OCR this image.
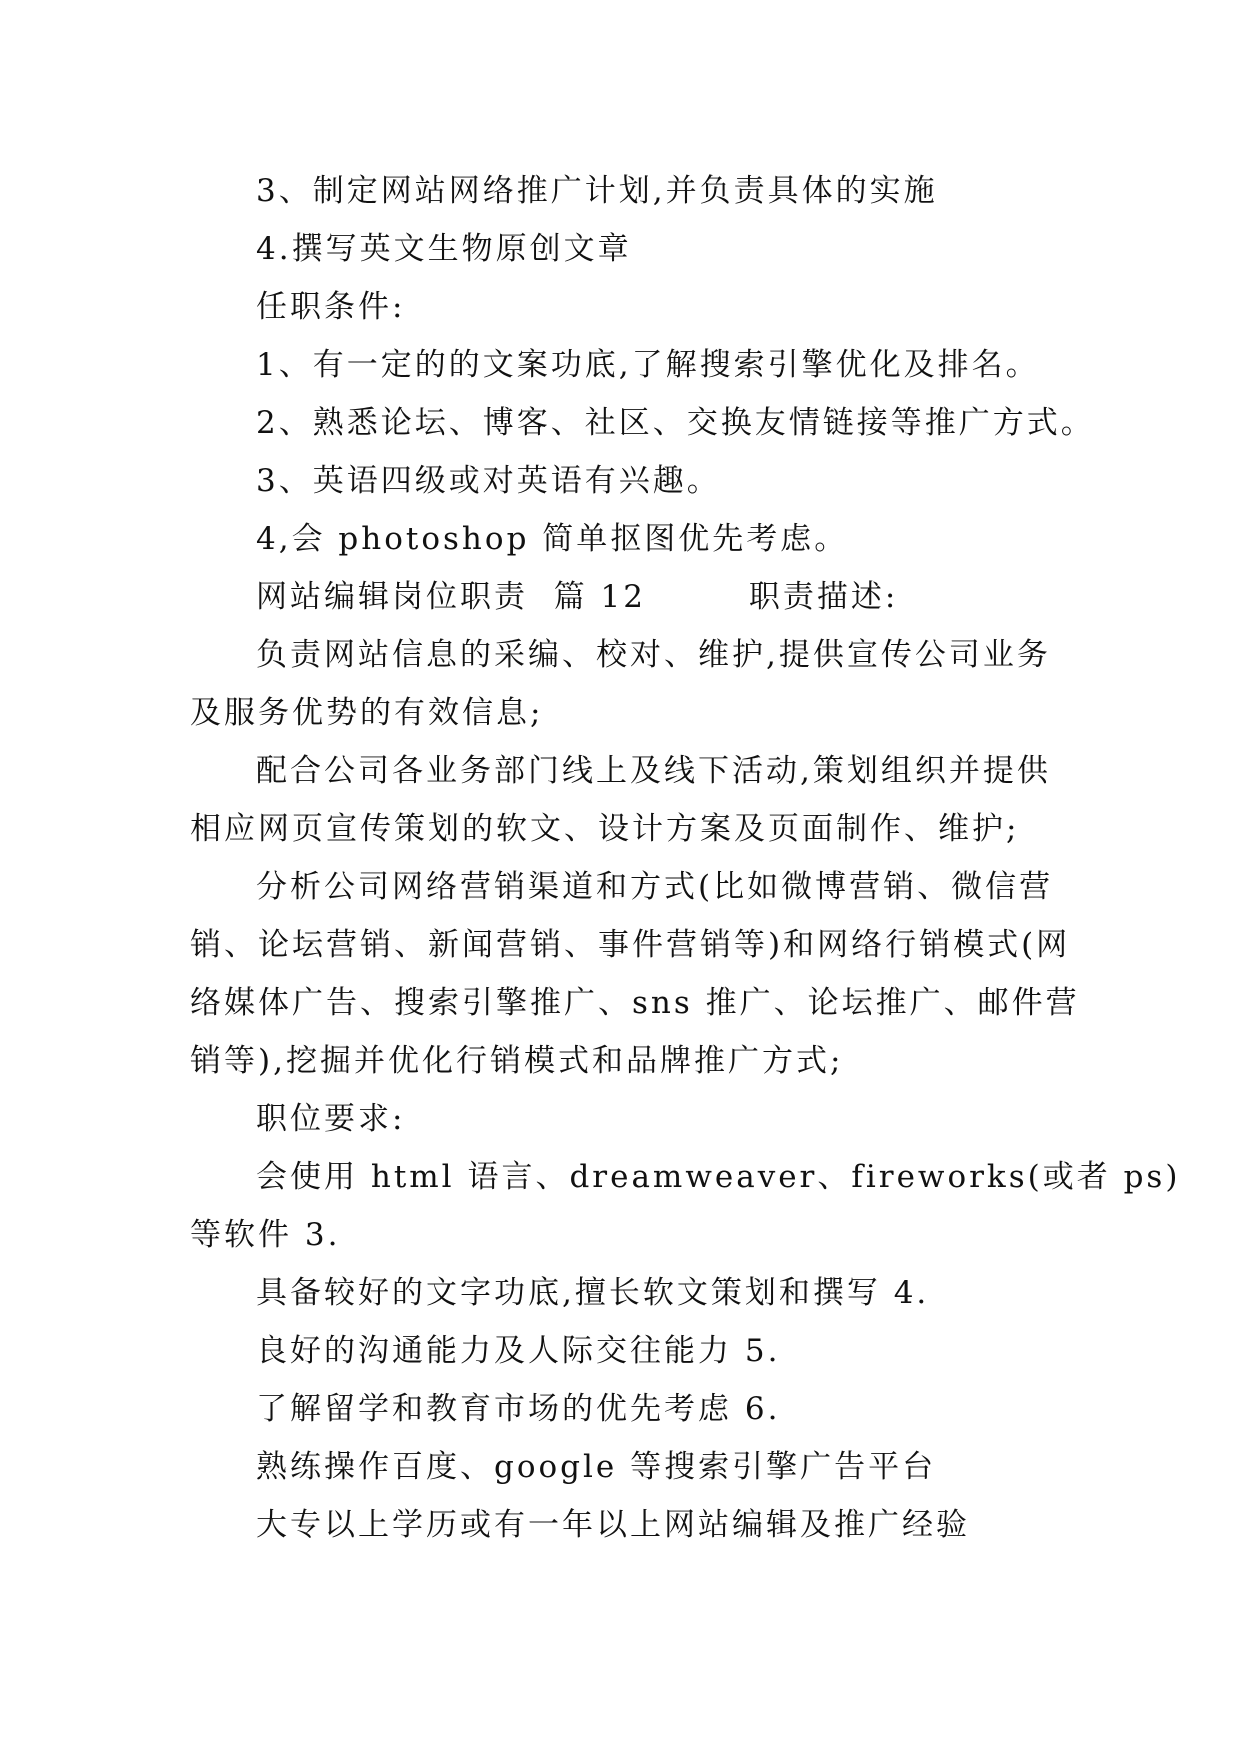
3、制定网站网络推广计划,并负责具体的实施
4.撰写英文生物原创文章
任职条件:
1、有一定的的文案功底,了解搜索引擎优化及排名。
2、熟悉论坛、博客、社区、交换友情链接等推广方式。
3、英语四级或对英语有兴趣。
4,会 photoshop 简单抠图优先考虑。
网站编辑岗位职责  篇 12        职责描述:
负责网站信息的采编、校对、维护,提供宣传公司业务
及服务优势的有效信息;
配合公司各业务部门线上及线下活动,策划组织并提供
相应网页宣传策划的软文、设计方案及页面制作、维护;
分析公司网络营销渠道和方式(比如微博营销、微信营
销、论坛营销、新闻营销、事件营销等)和网络行销模式(网
络媒体广告、搜索引擎推广、sns 推广、论坛推广、邮件营
销等),挖掘并优化行销模式和品牌推广方式;
职位要求:
会使用 html 语言、dreamweaver、fireworks(或者 ps)
等软件 3.
具备较好的文字功底,擅长软文策划和撰写 4.
良好的沟通能力及人际交往能力 5.
了解留学和教育市场的优先考虑 6.
熟练操作百度、google 等搜索引擎广告平台
大专以上学历或有一年以上网站编辑及推广经验
